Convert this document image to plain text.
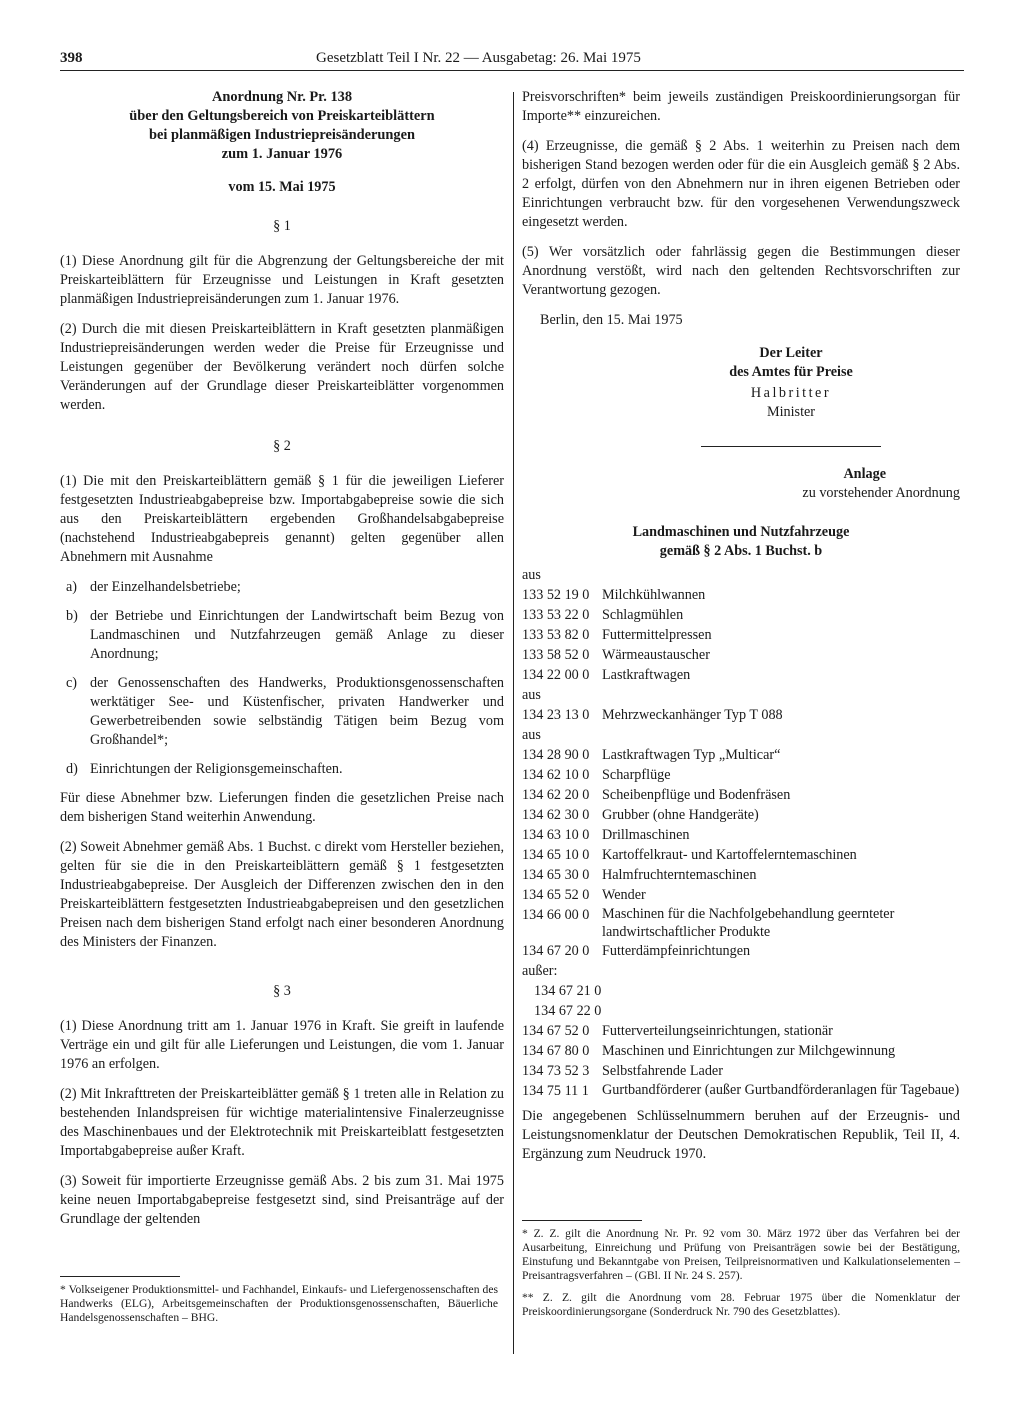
398	Gesetzblatt Teil I Nr. 22 — Ausgabetag: 26. Mai 1975
Anordnung Nr. Pr. 138
über den Geltungsbereich von Preiskarteiblättern
bei planmäßigen Industriepreisänderungen
zum 1. Januar 1976
vom 15. Mai 1975
§ 1

(1) Diese Anordnung gilt für die Abgrenzung der Geltungsbereiche der mit Preiskarteiblättern für Erzeugnisse und Leistungen in Kraft gesetzten planmäßigen Industriepreisänderungen zum 1. Januar 1976.

(2) Durch die mit diesen Preiskarteiblättern in Kraft gesetzten planmäßigen Industriepreisänderungen werden weder die Preise für Erzeugnisse und Leistungen gegenüber der Bevölkerung verändert noch dürfen solche Veränderungen auf der Grundlage dieser Preiskarteiblätter vorgenommen werden.

§ 2

(1) Die mit den Preiskarteiblättern gemäß § 1 für die jeweiligen Lieferer festgesetzten Industrieabgabepreise bzw. Importabgabepreise sowie die sich aus den Preiskarteiblättern ergebenden Großhandelsabgabepreise (nachstehend Industrieabgabepreis genannt) gelten gegenüber allen Abnehmern mit Ausnahme

a) der Einzelhandelsbetriebe;
b) der Betriebe und Einrichtungen der Landwirtschaft beim Bezug von Landmaschinen und Nutzfahrzeugen gemäß Anlage zu dieser Anordnung;
c) der Genossenschaften des Handwerks, Produktionsgenossenschaften werktätiger See- und Küstenfischer, privaten Handwerker und Gewerbetreibenden sowie selbständig Tätigen beim Bezug vom Großhandel*;
d) Einrichtungen der Religionsgemeinschaften.

Für diese Abnehmer bzw. Lieferungen finden die gesetzlichen Preise nach dem bisherigen Stand weiterhin Anwendung.

(2) Soweit Abnehmer gemäß Abs. 1 Buchst. c direkt vom Hersteller beziehen, gelten für sie die in den Preiskarteiblättern gemäß § 1 festgesetzten Industrieabgabepreise. Der Ausgleich der Differenzen zwischen den in den Preiskarteiblättern festgesetzten Industrieabgabepreisen und den gesetzlichen Preisen nach dem bisherigen Stand erfolgt nach einer besonderen Anordnung des Ministers der Finanzen.

§ 3

(1) Diese Anordnung tritt am 1. Januar 1976 in Kraft. Sie greift in laufende Verträge ein und gilt für alle Lieferungen und Leistungen, die vom 1. Januar 1976 an erfolgen.

(2) Mit Inkrafttreten der Preiskarteiblätter gemäß § 1 treten alle in Relation zu bestehenden Inlandspreisen für wichtige materialintensive Finalerzeugnisse des Maschinenbaues und der Elektrotechnik mit Preiskarteiblatt festgesetzten Importabgabepreise außer Kraft.

(3) Soweit für importierte Erzeugnisse gemäß Abs. 2 bis zum 31. Mai 1975 keine neuen Importabgabepreise festgesetzt sind, sind Preisanträge auf der Grundlage der geltenden

* Volkseigener Produktionsmittel- und Fachhandel, Einkaufs- und Liefergenossenschaften des Handwerks (ELG), Arbeitsgemeinschaften der Produktionsgenossenschaften, Bäuerliche Handelsgenossenschaften – BHG.

Preisvorschriften* beim jeweils zuständigen Preiskoordinierungsorgan für Importe** einzureichen.

(4) Erzeugnisse, die gemäß § 2 Abs. 1 weiterhin zu Preisen nach dem bisherigen Stand bezogen werden oder für die ein Ausgleich gemäß § 2 Abs. 2 erfolgt, dürfen von den Abnehmern nur in ihren eigenen Betrieben oder Einrichtungen verbraucht bzw. für den vorgesehenen Verwendungszweck eingesetzt werden.

(5) Wer vorsätzlich oder fahrlässig gegen die Bestimmungen dieser Anordnung verstößt, wird nach den geltenden Rechtsvorschriften zur Verantwortung gezogen.

Berlin, den 15. Mai 1975

Der Leiter
des Amtes für Preise
Halbritter
Minister
Anlage
zu vorstehender Anordnung
Landmaschinen und Nutzfahrzeuge
gemäß § 2 Abs. 1 Buchst. b
aus
133 52 19 0 Milchkühlwannen
133 53 22 0 Schlagmühlen
133 53 82 0 Futtermittelpressen
133 58 52 0 Wärmeaustauscher
134 22 00 0 Lastkraftwagen
aus
134 23 13 0 Mehrzweckanhänger Typ T 088
aus
134 28 90 0 Lastkraftwagen Typ „Multicar“
134 62 10 0 Scharpflüge
134 62 20 0 Scheibenpflüge und Bodenfräsen
134 62 30 0 Grubber (ohne Handgeräte)
134 63 10 0 Drillmaschinen
134 65 10 0 Kartoffelkraut- und Kartoffelerntemaschinen
134 65 30 0 Halmfruchterntemaschinen
134 65 52 0 Wender
134 66 00 0 Maschinen für die Nachfolgebehandlung geernteter landwirtschaftlicher Produkte
134 67 20 0 Futterdämpfeinrichtungen
außer:
134 67 21 0
134 67 22 0
134 67 52 0 Futterverteilungseinrichtungen, stationär
134 67 80 0 Maschinen und Einrichtungen zur Milchgewinnung
134 73 52 3 Selbstfahrende Lader
134 75 11 1 Gurtbandförderer (außer Gurtbandförderanlagen für Tagebaue)

Die angegebenen Schlüsselnummern beruhen auf der Erzeugnis- und Leistungsnomenklatur der Deutschen Demokratischen Republik, Teil II, 4. Ergänzung zum Neudruck 1970.

* Z. Z. gilt die Anordnung Nr. Pr. 92 vom 30. März 1972 über das Verfahren bei der Ausarbeitung, Einreichung und Prüfung von Preisanträgen sowie bei der Bestätigung, Einstufung und Bekanntgabe von Preisen, Teilpreisnormativen und Kalkulationselementen – Preisantragsverfahren – (GBl. II Nr. 24 S. 257).

** Z. Z. gilt die Anordnung vom 28. Februar 1975 über die Nomenklatur der Preiskoordinierungsorgane (Sonderdruck Nr. 790 des Gesetzblattes).
